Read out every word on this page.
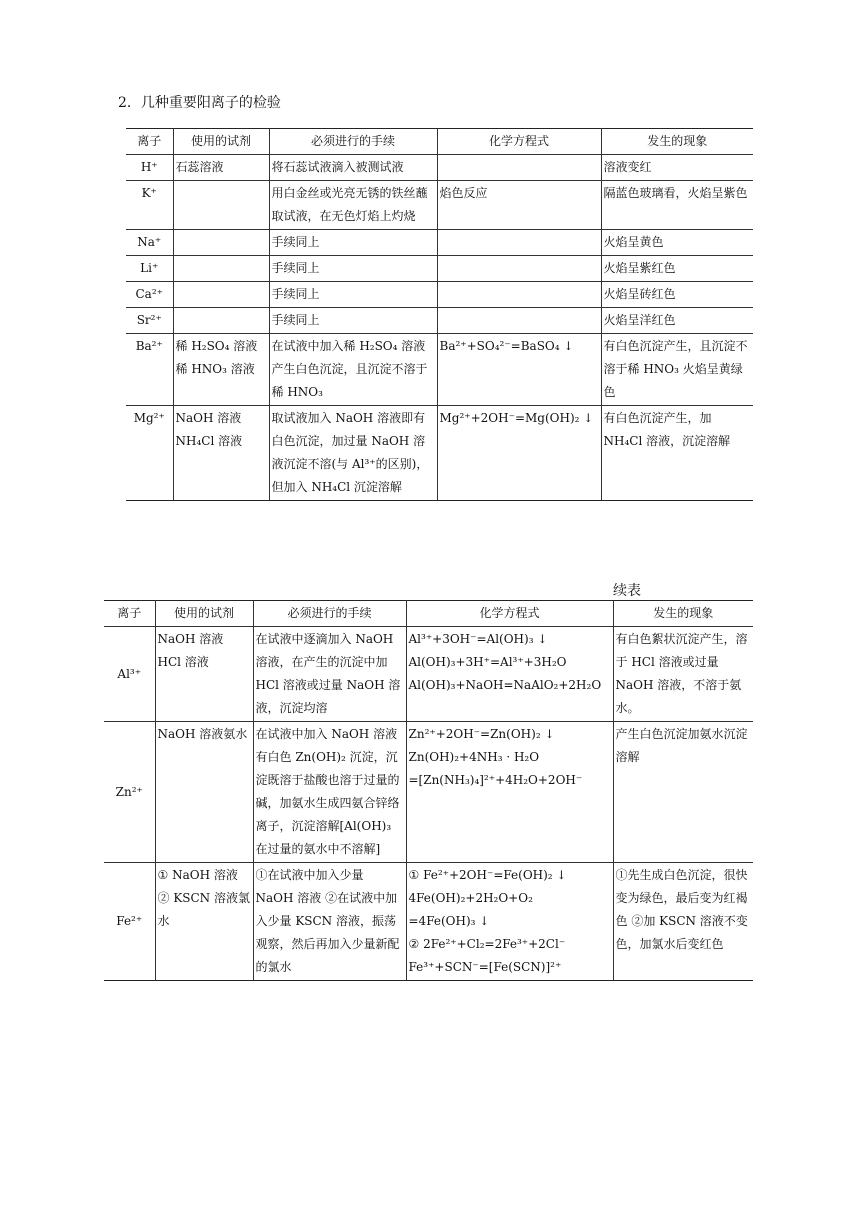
2．几种重要阳离子的检验
离子	使用的试剂	必须进行的手续	化学方程式	发生的现象
H⁺	石蕊溶液	将石蕊试液滴入被测试液		溶液变红
K⁺		用白金丝或光亮无锈的铁丝蘸取试液，在无色灯焰上灼烧	焰色反应	隔蓝色玻璃看，火焰呈紫色
Na⁺		手续同上		火焰呈黄色
Li⁺		手续同上		火焰呈紫红色
Ca²⁺		手续同上		火焰呈砖红色
Sr²⁺		手续同上		火焰呈洋红色
Ba²⁺	稀 H₂SO₄ 溶液 稀 HNO₃ 溶液	在试液中加入稀 H₂SO₄ 溶液产生白色沉淀，且沉淀不溶于稀 HNO₃	Ba²⁺+SO₄²⁻=BaSO₄ ↓	有白色沉淀产生，且沉淀不溶于稀 HNO₃ 火焰呈黄绿色
Mg²⁺	NaOH 溶液 NH₄Cl 溶液	取试液加入 NaOH 溶液即有白色沉淀，加过量 NaOH 溶液沉淀不溶(与 Al³⁺的区别)，但加入 NH₄Cl 沉淀溶解	Mg²⁺+2OH⁻=Mg(OH)₂ ↓	有白色沉淀产生，加 NH₄Cl 溶液，沉淀溶解
续表
离子	使用的试剂	必须进行的手续	化学方程式	发生的现象
Al³⁺	NaOH 溶液 HCl 溶液	在试液中逐滴加入 NaOH 溶液，在产生的沉淀中加 HCl 溶液或过量 NaOH 溶液，沉淀均溶	Al³⁺+3OH⁻=Al(OH)₃ ↓
Al(OH)₃+3H⁺=Al³⁺+3H₂O
Al(OH)₃+NaOH=NaAlO₂+2H₂O	有白色絮状沉淀产生，溶于 HCl 溶液或过量 NaOH 溶液，不溶于氨水。
Zn²⁺	NaOH 溶液氨水	在试液中加入 NaOH 溶液有白色 Zn(OH)₂ 沉淀，沉淀既溶于盐酸也溶于过量的碱，加氨水生成四氨合锌络离子，沉淀溶解[Al(OH)₃ 在过量的氨水中不溶解]	Zn²⁺+2OH⁻=Zn(OH)₂ ↓
Zn(OH)₂+4NH₃ · H₂O
=[Zn(NH₃)₄]²⁺+4H₂O+2OH⁻	产生白色沉淀加氨水沉淀溶解
Fe²⁺	① NaOH 溶液 ② KSCN 溶液氯水	①在试液中加入少量 NaOH 溶液 ②在试液中加入少量 KSCN 溶液，振荡观察，然后再加入少量新配的氯水	① Fe²⁺+2OH⁻=Fe(OH)₂ ↓
4Fe(OH)₂+2H₂O+O₂
=4Fe(OH)₃ ↓
② 2Fe²⁺+Cl₂=2Fe³⁺+2Cl⁻
Fe³⁺+SCN⁻=[Fe(SCN)]²⁺	①先生成白色沉淀，很快变为绿色，最后变为红褐色 ②加 KSCN 溶液不变色，加氯水后变红色
